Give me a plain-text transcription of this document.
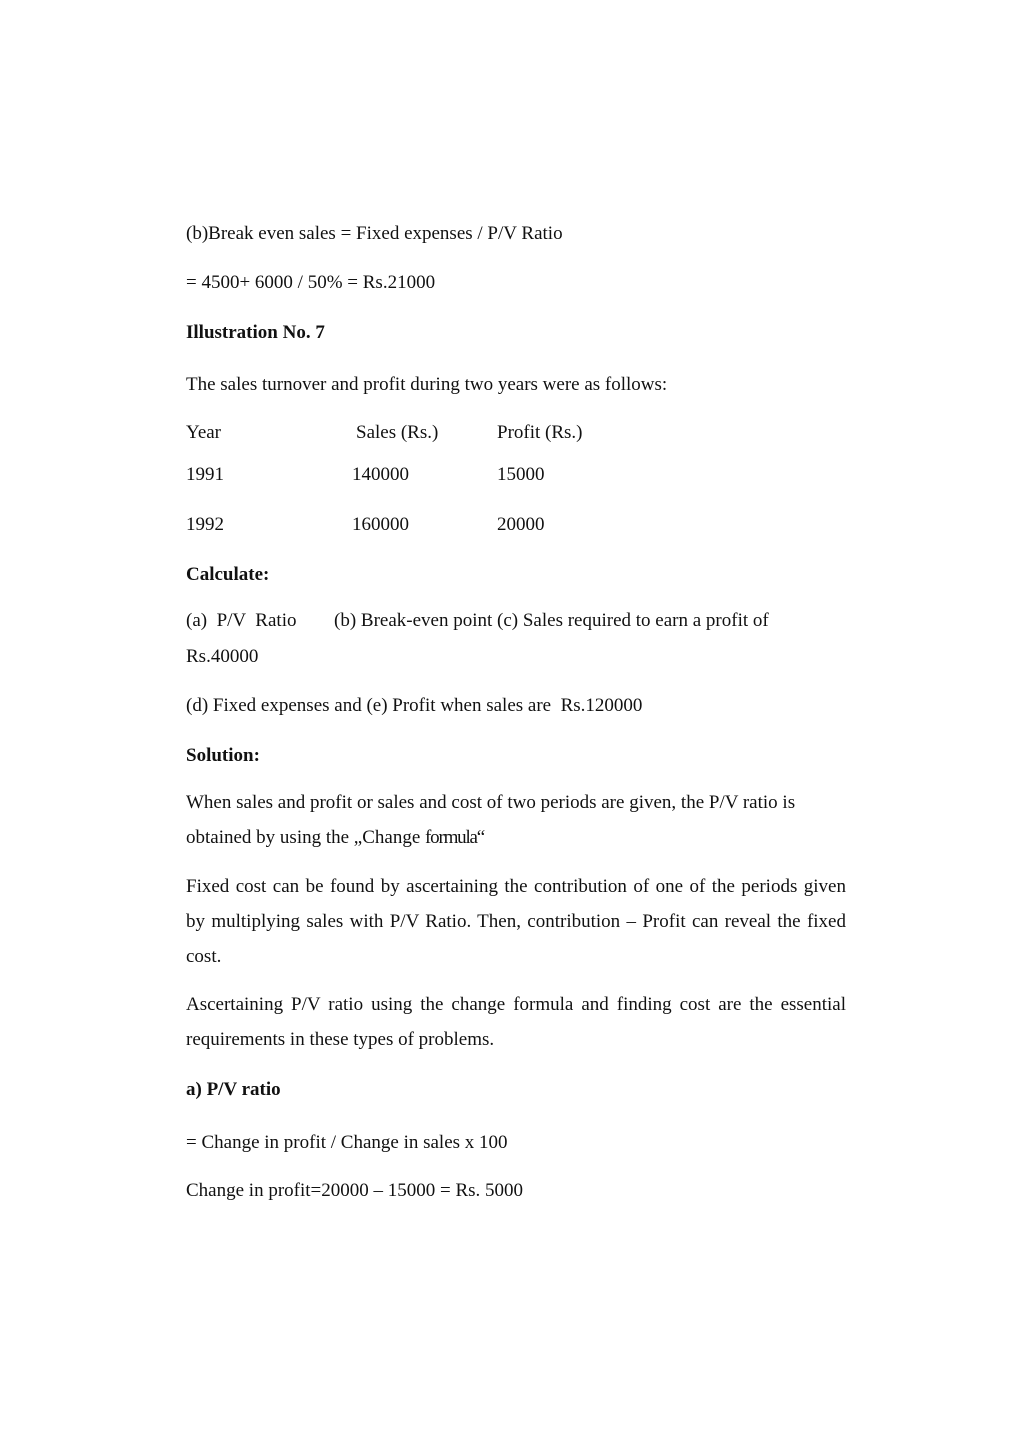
(b)Break even sales = Fixed expenses / P/V Ratio
= 4500+ 6000 / 50% = Rs.21000
Illustration No. 7
The sales turnover and profit during two years were as follows:
Year	Sales (Rs.)	Profit (Rs.)
1991	140000	15000
1992	160000	20000
Calculate:
(a)  P/V  Ratio (b) Break-even point (c) Sales required to earn a profit of
Rs.40000
(d) Fixed expenses and (e) Profit when sales are  Rs.120000
Solution:
When sales and profit or sales and cost of two periods are given, the P/V ratio is
obtained by using the „Change formula“
Fixed cost can be found by ascertaining the contribution of one of the periods given by multiplying sales with P/V Ratio. Then, contribution – Profit can reveal the fixed cost.
Ascertaining P/V ratio using the change formula and finding cost are the essential requirements in these types of problems.
a) P/V ratio
= Change in profit / Change in sales x 100
Change in profit=20000 – 15000 = Rs. 5000
